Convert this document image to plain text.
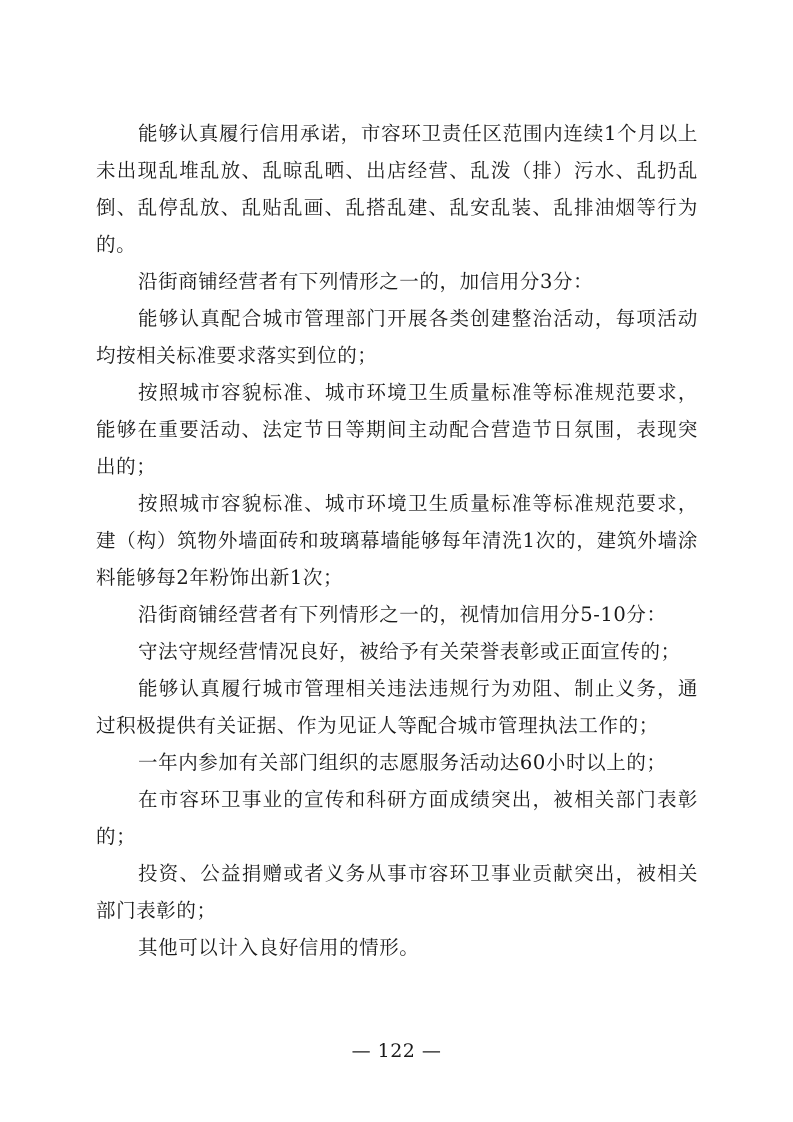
能够认真履行信用承诺，市容环卫责任区范围内连续1个月以上未出现乱堆乱放、乱晾乱晒、出店经营、乱泼（排）污水、乱扔乱倒、乱停乱放、乱贴乱画、乱搭乱建、乱安乱装、乱排油烟等行为的。

沿街商铺经营者有下列情形之一的，加信用分3分：

能够认真配合城市管理部门开展各类创建整治活动，每项活动均按相关标准要求落实到位的；

按照城市容貌标准、城市环境卫生质量标准等标准规范要求，能够在重要活动、法定节日等期间主动配合营造节日氛围，表现突出的；

按照城市容貌标准、城市环境卫生质量标准等标准规范要求，建（构）筑物外墙面砖和玻璃幕墙能够每年清洗1次的，建筑外墙涂料能够每2年粉饰出新1次；

沿街商铺经营者有下列情形之一的，视情加信用分5-10分：

守法守规经营情况良好，被给予有关荣誉表彰或正面宣传的；

能够认真履行城市管理相关违法违规行为劝阻、制止义务，通过积极提供有关证据、作为见证人等配合城市管理执法工作的；

一年内参加有关部门组织的志愿服务活动达60小时以上的；

在市容环卫事业的宣传和科研方面成绩突出，被相关部门表彰的；

投资、公益捐赠或者义务从事市容环卫事业贡献突出，被相关部门表彰的；

其他可以计入良好信用的情形。

— 122 —
